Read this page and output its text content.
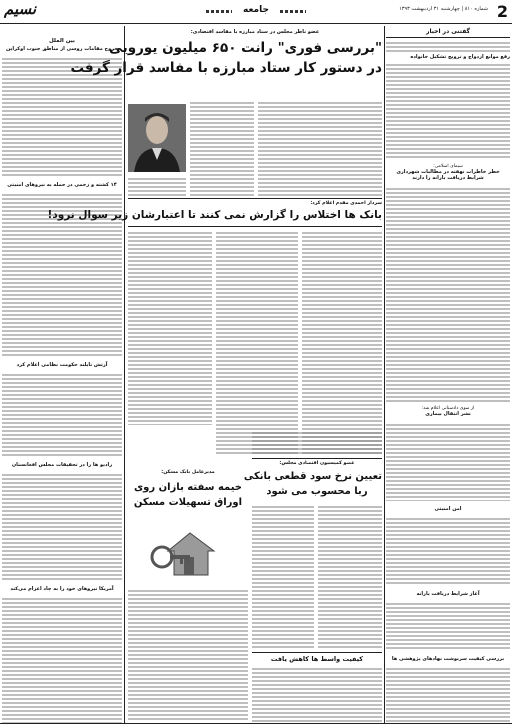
2
شماره ۸۱۰ | چهارشنبه ۳۱ اردیبهشت ۱۳۹۳
جامعه
نسیم
گفتنی در اخبار
رفع موانع ازدواج و ترویج تشکیل خانواده
سیمای اسلامی:
خطر خاطرات نهفته در مطالبات شهرداری
شرایط دریافت یارانه را دارند
از سوی دادستانی اعلام شد:
نشر انتقال بیماری
امن امنیتی
آغاز شرایط دریافت یارانه
بررسی کیفیت سرنوشت نهادهای پژوهشی ها
بین الملل
خروج مقامات روسی از مناطق جنوب اوکراین
۱۴ کشته و زخمی در حمله به نیروهای امنیتی
آرتش تایلند حکومت نظامی اعلام کرد
رادیو ها را در تحقیقات مجلس افغانستان
آمریکا نیروهای خود را به چاد اعزام می‌کند
عضو ناظر مجلس در ستاد مبارزه با مفاسد اقتصادی:
"بررسی فوری" رانت ۶۵۰ میلیون یورویی
در دستور کار ستاد مبارزه با مفاسد قرار گرفت
سردار احمدی مقدم اعلام کرد:
بانک ها اختلاس را گزارش نمی کنند تا اعتبارشان زیر سوال نرود!
مدیرعامل بانک مسکن:
خیمه سفته بازان روی
اوراق تسهیلات مسکن
عضو کمیسیون اقتصادی مجلس:
تعیین نرخ سود قطعی بانکی
ربا محسوب می شود
کیفیت واسط ها کاهش یافت
